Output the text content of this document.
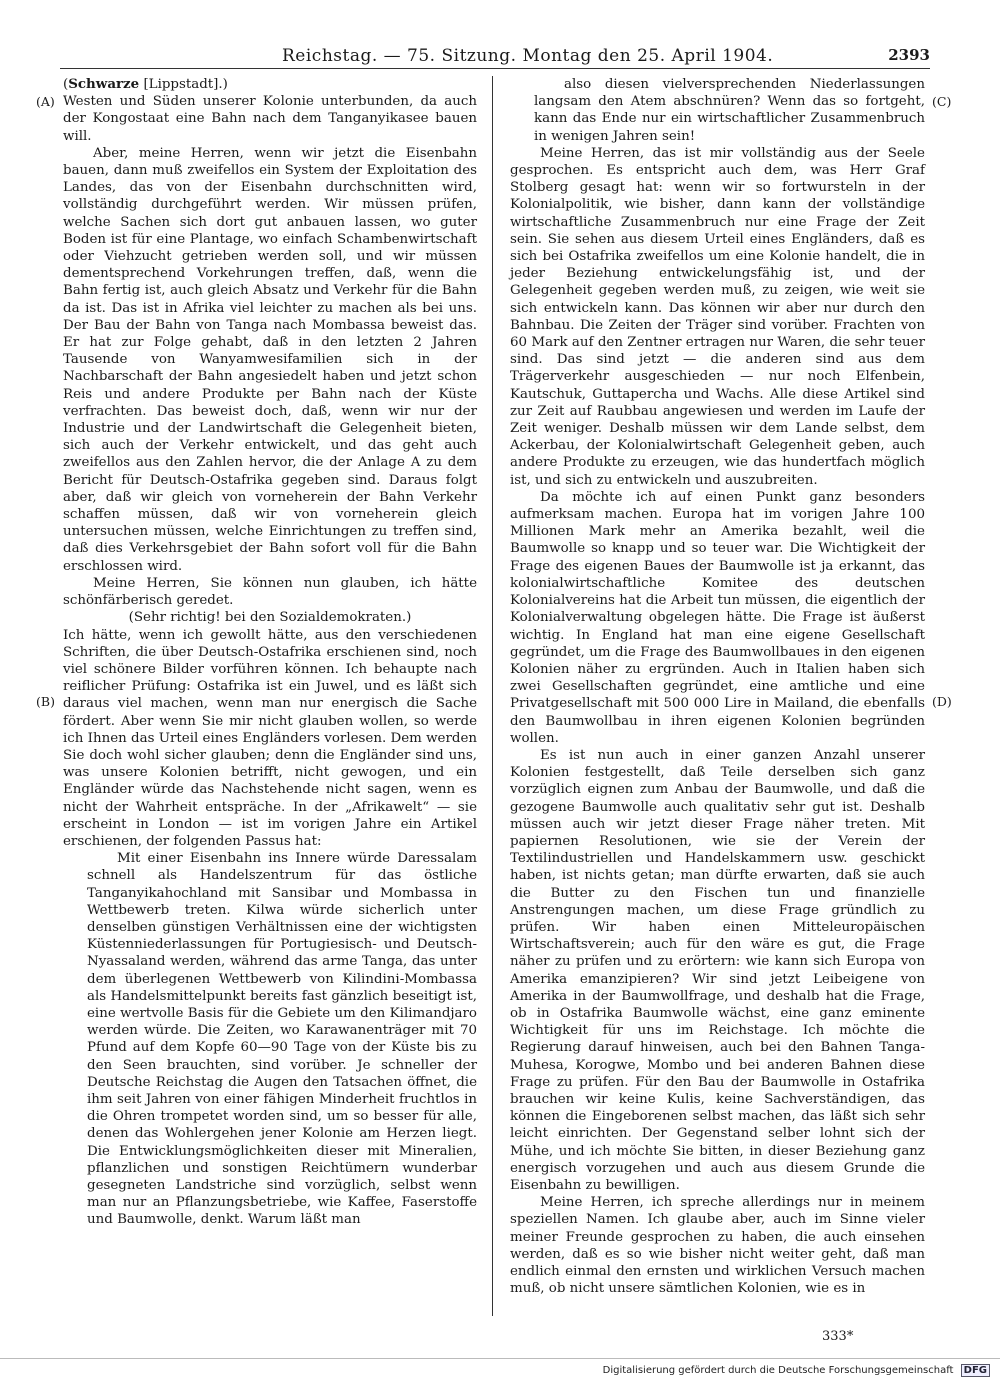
Reichstag. — 75. Sitzung. Montag den 25. April 1904.	2393
(A)
(B)
(C)
(D)

(Schwarze [Lippstadt].)

Westen und Süden unserer Kolonie unterbunden, da auch der Kongostaat eine Bahn nach dem Tanganyikasee bauen will.

Aber, meine Herren, wenn wir jetzt die Eisenbahn bauen, dann muß zweifellos ein System der Exploitation des Landes, das von der Eisenbahn durchschnitten wird, vollständig durchgeführt werden. Wir müssen prüfen, welche Sachen sich dort gut anbauen lassen, wo guter Boden ist für eine Plantage, wo einfach Schambenwirtschaft oder Viehzucht getrieben werden soll, und wir müssen dementsprechend Vorkehrungen treffen, daß, wenn die Bahn fertig ist, auch gleich Absatz und Verkehr für die Bahn da ist. Das ist in Afrika viel leichter zu machen als bei uns. Der Bau der Bahn von Tanga nach Mombassa beweist das. Er hat zur Folge gehabt, daß in den letzten 2 Jahren Tausende von Wanyamwesifamilien sich in der Nachbarschaft der Bahn angesiedelt haben und jetzt schon Reis und andere Produkte per Bahn nach der Küste verfrachten. Das beweist doch, daß, wenn wir nur der Industrie und der Landwirtschaft die Gelegenheit bieten, sich auch der Verkehr entwickelt, und das geht auch zweifellos aus den Zahlen hervor, die der Anlage A zu dem Bericht für Deutsch-Ostafrika gegeben sind. Daraus folgt aber, daß wir gleich von vorneherein der Bahn Verkehr schaffen müssen, daß wir von vorneherein gleich untersuchen müssen, welche Einrichtungen zu treffen sind, daß dies Verkehrsgebiet der Bahn sofort voll für die Bahn erschlossen wird.

Meine Herren, Sie können nun glauben, ich hätte schönfärberisch geredet.

(Sehr richtig! bei den Sozialdemokraten.)

Ich hätte, wenn ich gewollt hätte, aus den verschiedenen Schriften, die über Deutsch-Ostafrika erschienen sind, noch viel schönere Bilder vorführen können. Ich behaupte nach reiflicher Prüfung: Ostafrika ist ein Juwel, und es läßt sich daraus viel machen, wenn man nur energisch die Sache fördert. Aber wenn Sie mir nicht glauben wollen, so werde ich Ihnen das Urteil eines Engländers vorlesen. Dem werden Sie doch wohl sicher glauben; denn die Engländer sind uns, was unsere Kolonien betrifft, nicht gewogen, und ein Engländer würde das Nachstehende nicht sagen, wenn es nicht der Wahrheit entspräche. In der „Afrikawelt“ — sie erscheint in London — ist im vorigen Jahre ein Artikel erschienen, der folgenden Passus hat:

Mit einer Eisenbahn ins Innere würde Daressalam schnell als Handelszentrum für das östliche Tanganyikahochland mit Sansibar und Mombassa in Wettbewerb treten. Kilwa würde sicherlich unter denselben günstigen Verhältnissen eine der wichtigsten Küstenniederlassungen für Portugiesisch- und Deutsch-Nyassaland werden, während das arme Tanga, das unter dem überlegenen Wettbewerb von Kilindini-Mombassa als Handelsmittelpunkt bereits fast gänzlich beseitigt ist, eine wertvolle Basis für die Gebiete um den Kilimandjaro werden würde. Die Zeiten, wo Karawanenträger mit 70 Pfund auf dem Kopfe 60—90 Tage von der Küste bis zu den Seen brauchten, sind vorüber. Je schneller der Deutsche Reichstag die Augen den Tatsachen öffnet, die ihm seit Jahren von einer fähigen Minderheit fruchtlos in die Ohren trompetet worden sind, um so besser für alle, denen das Wohlergehen jener Kolonie am Herzen liegt. Die Entwicklungsmöglichkeiten dieser mit Mineralien, pflanzlichen und sonstigen Reichtümern wunderbar gesegneten Landstriche sind vorzüglich, selbst wenn man nur an Pflanzungsbetriebe, wie Kaffee, Faserstoffe und Baumwolle, denkt. Warum läßt man

also diesen vielversprechenden Niederlassungen langsam den Atem abschnüren? Wenn das so fortgeht, kann das Ende nur ein wirtschaftlicher Zusammenbruch in wenigen Jahren sein!

Meine Herren, das ist mir vollständig aus der Seele gesprochen. Es entspricht auch dem, was Herr Graf Stolberg gesagt hat: wenn wir so fortwursteln in der Kolonialpolitik, wie bisher, dann kann der vollständige wirtschaftliche Zusammenbruch nur eine Frage der Zeit sein. Sie sehen aus diesem Urteil eines Engländers, daß es sich bei Ostafrika zweifellos um eine Kolonie handelt, die in jeder Beziehung entwickelungsfähig ist, und der Gelegenheit gegeben werden muß, zu zeigen, wie weit sie sich entwickeln kann. Das können wir aber nur durch den Bahnbau. Die Zeiten der Träger sind vorüber. Frachten von 60 Mark auf den Zentner ertragen nur Waren, die sehr teuer sind. Das sind jetzt — die anderen sind aus dem Trägerverkehr ausgeschieden — nur noch Elfenbein, Kautschuk, Guttapercha und Wachs. Alle diese Artikel sind zur Zeit auf Raubbau angewiesen und werden im Laufe der Zeit weniger. Deshalb müssen wir dem Lande selbst, dem Ackerbau, der Kolonialwirtschaft Gelegenheit geben, auch andere Produkte zu erzeugen, wie das hundertfach möglich ist, und sich zu entwickeln und auszubreiten.

Da möchte ich auf einen Punkt ganz besonders aufmerksam machen. Europa hat im vorigen Jahre 100 Millionen Mark mehr an Amerika bezahlt, weil die Baumwolle so knapp und so teuer war. Die Wichtigkeit der Frage des eigenen Baues der Baumwolle ist ja erkannt, das kolonialwirtschaftliche Komitee des deutschen Kolonialvereins hat die Arbeit tun müssen, die eigentlich der Kolonialverwaltung obgelegen hätte. Die Frage ist äußerst wichtig. In England hat man eine eigene Gesellschaft gegründet, um die Frage des Baumwollbaues in den eigenen Kolonien näher zu ergründen. Auch in Italien haben sich zwei Gesellschaften gegründet, eine amtliche und eine Privatgesellschaft mit 500 000 Lire in Mailand, die ebenfalls den Baumwollbau in ihren eigenen Kolonien begründen wollen.

Es ist nun auch in einer ganzen Anzahl unserer Kolonien festgestellt, daß Teile derselben sich ganz vorzüglich eignen zum Anbau der Baumwolle, und daß die gezogene Baumwolle auch qualitativ sehr gut ist. Deshalb müssen auch wir jetzt dieser Frage näher treten. Mit papiernen Resolutionen, wie sie der Verein der Textilindustriellen und Handelskammern usw. geschickt haben, ist nichts getan; man dürfte erwarten, daß sie auch die Butter zu den Fischen tun und finanzielle Anstrengungen machen, um diese Frage gründlich zu prüfen. Wir haben einen Mitteleuropäischen Wirtschaftsverein; auch für den wäre es gut, die Frage näher zu prüfen und zu erörtern: wie kann sich Europa von Amerika emanzipieren? Wir sind jetzt Leibeigene von Amerika in der Baumwollfrage, und deshalb hat die Frage, ob in Ostafrika Baumwolle wächst, eine ganz eminente Wichtigkeit für uns im Reichstage. Ich möchte die Regierung darauf hinweisen, auch bei den Bahnen Tanga-Muhesa, Korogwe, Mombo und bei anderen Bahnen diese Frage zu prüfen. Für den Bau der Baumwolle in Ostafrika brauchen wir keine Kulis, keine Sachverständigen, das können die Eingeborenen selbst machen, das läßt sich sehr leicht einrichten. Der Gegenstand selber lohnt sich der Mühe, und ich möchte Sie bitten, in dieser Beziehung ganz energisch vorzugehen und auch aus diesem Grunde die Eisenbahn zu bewilligen.

Meine Herren, ich spreche allerdings nur in meinem speziellen Namen. Ich glaube aber, auch im Sinne vieler meiner Freunde gesprochen zu haben, die auch einsehen werden, daß es so wie bisher nicht weiter geht, daß man endlich einmal den ernsten und wirklichen Versuch machen muß, ob nicht unsere sämtlichen Kolonien, wie es in

333*
Digitalisierung gefördert durch die Deutsche Forschungsgemeinschaft DFG
